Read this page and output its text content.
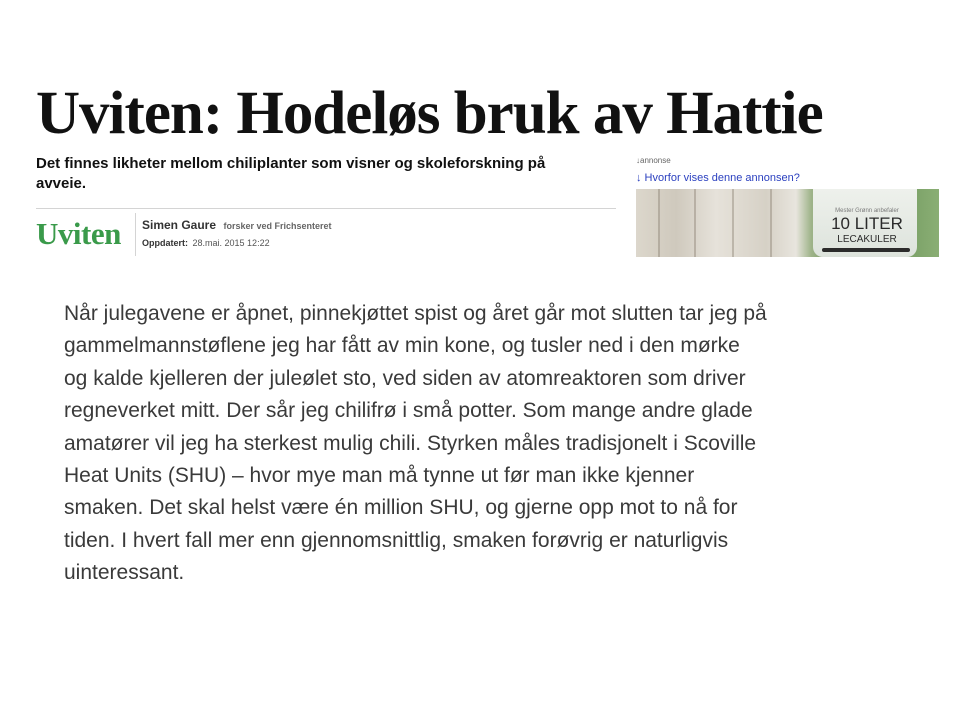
Uviten: Hodeløs bruk av Hattie

Det finnes likheter mellom chiliplanter som visner og skoleforskning på avveie.

Uviten Simen Gaure forsker ved Frichsenteret
Oppdatert: 28.mai. 2015 12:22
↓annonse
↓ Hvorfor vises denne annonsen?
Mester Grønn anbefaler
10 LITER
LECAKULER
Når julegavene er åpnet, pinnekjøttet spist og året går mot slutten tar jeg på
gammelmannstøflene jeg har fått av min kone, og tusler ned i den mørke
og kalde kjelleren der juleølet sto, ved siden av atomreaktoren som driver
regneverket mitt. Der sår jeg chilifrø i små potter. Som mange andre glade
amatører vil jeg ha sterkest mulig chili. Styrken måles tradisjonelt i Scoville
Heat Units (SHU) – hvor mye man må tynne ut før man ikke kjenner
smaken. Det skal helst være én million SHU, og gjerne opp mot to nå for
tiden. I hvert fall mer enn gjennomsnittlig, smaken forøvrig er naturligvis
uinteressant.
